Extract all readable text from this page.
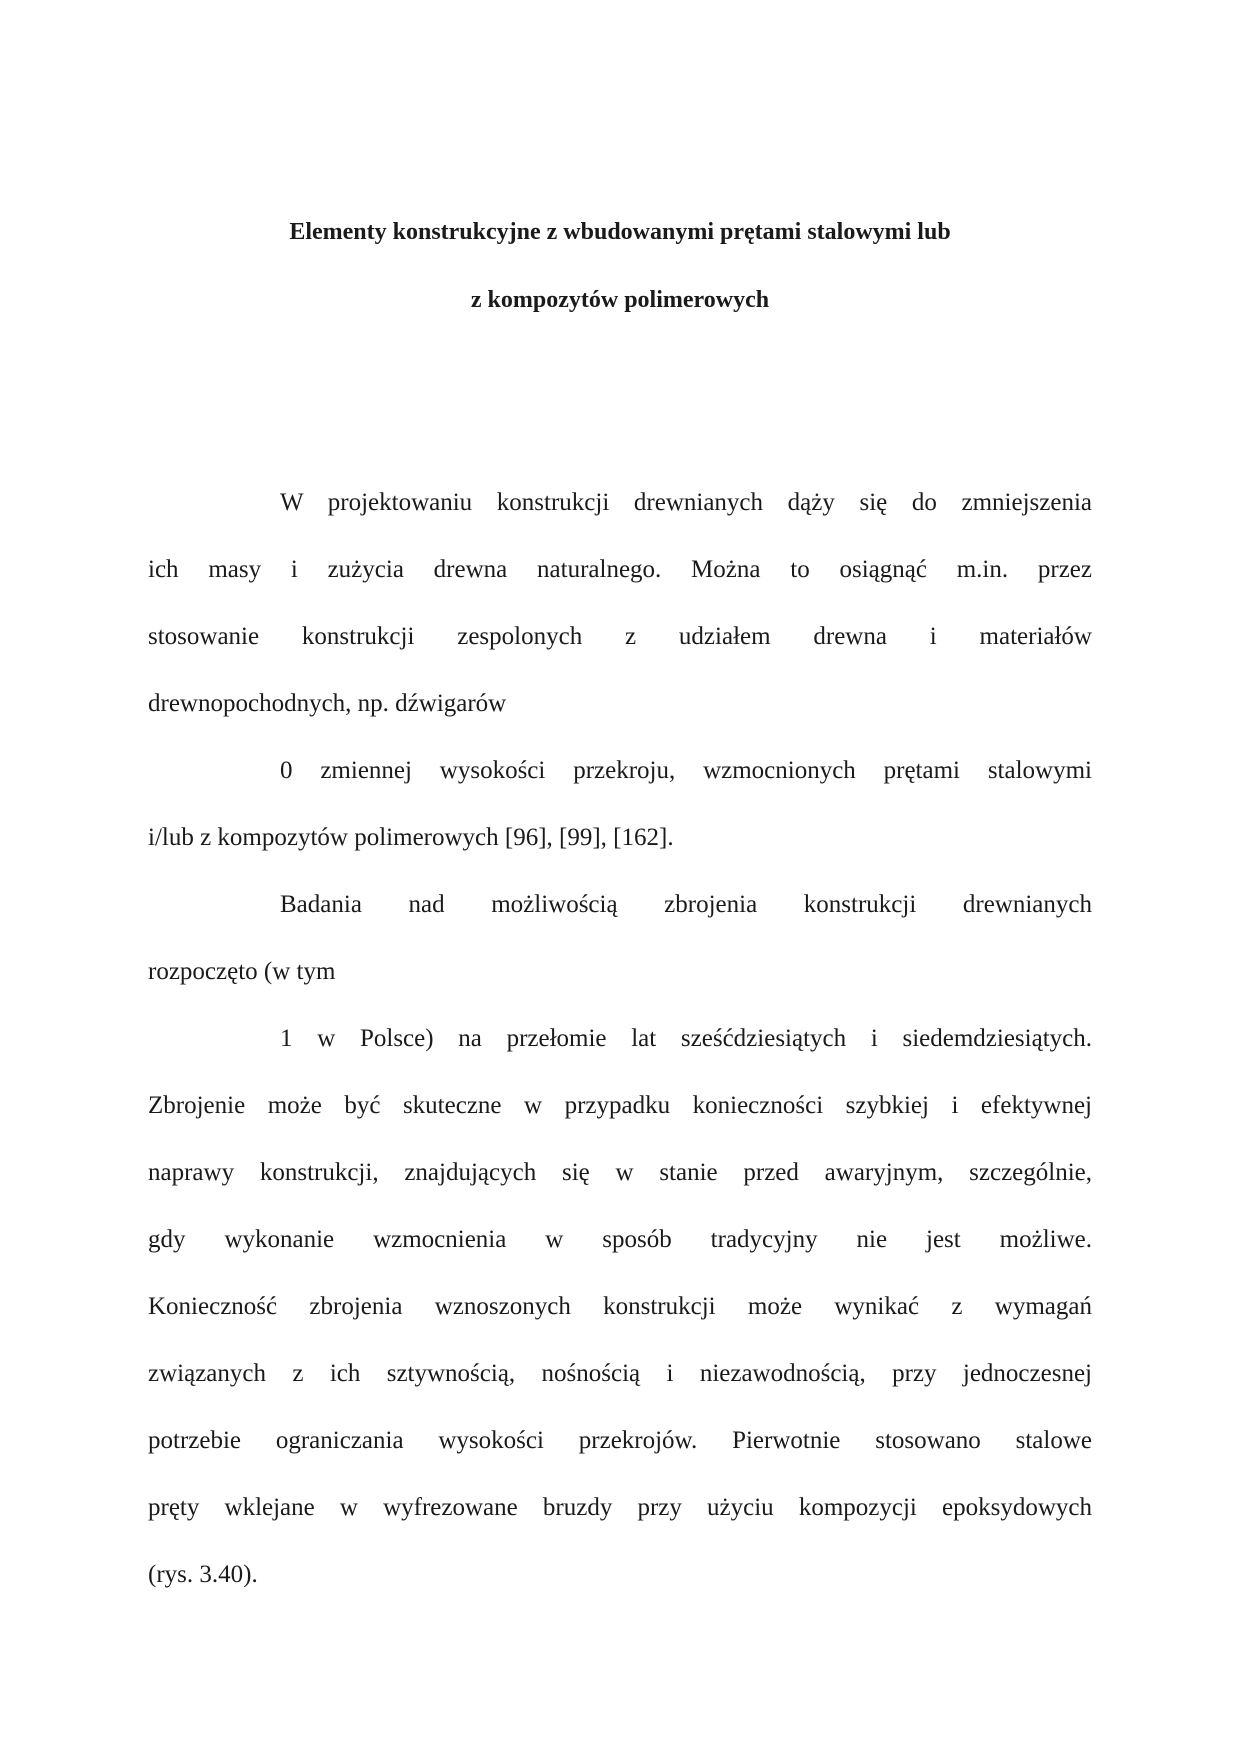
Elementy konstrukcyjne z wbudowanymi prętami stalowymi lub
z kompozytów polimerowych
W projektowaniu konstrukcji drewnianych dąży się do zmniejszenia
ich masy i zużycia drewna naturalnego. Można to osiągnąć m.in. przez
stosowanie konstrukcji zespolonych z udziałem drewna i materiałów
drewnopochodnych, np. dźwigarów
0 zmiennej wysokości przekroju, wzmocnionych prętami stalowymi
i/lub z kompozytów polimerowych [96], [99], [162].
Badania nad możliwością zbrojenia konstrukcji drewnianych
rozpoczęto (w tym
1 w Polsce) na przełomie lat sześćdziesiątych i siedemdziesiątych.
Zbrojenie może być skuteczne w przypadku konieczności szybkiej i efektywnej
naprawy konstrukcji, znajdujących się w stanie przed awaryjnym, szczególnie,
gdy wykonanie wzmocnienia w sposób tradycyjny nie jest możliwe.
Konieczność zbrojenia wznoszonych konstrukcji może wynikać z wymagań
związanych z ich sztywnością, nośnością i niezawodnością, przy jednoczesnej
potrzebie ograniczania wysokości przekrojów. Pierwotnie stosowano stalowe
pręty wklejane w wyfrezowane bruzdy przy użyciu kompozycji epoksydowych
(rys. 3.40).
